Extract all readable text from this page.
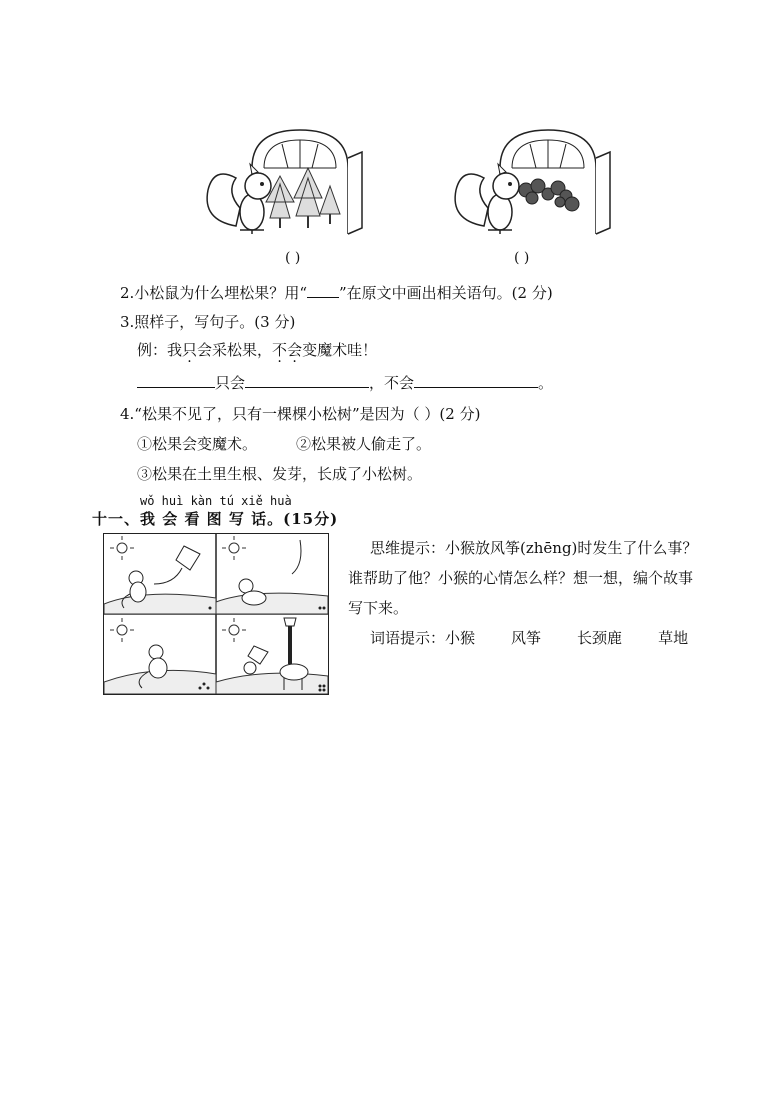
( )	( )
2.小松鼠为什么埋松果？用“ ”在原文中画出相关语句。(2 分)
3.照样子，写句子。(3 分)
例：我只会采松果，不会变魔术哇！
只会	，不会	。
4.“松果不见了，只有一棵棵小松树”是因为（ ）(2 分)
①松果会变魔术。	②松果被人偷走了。
③松果在土里生根、发芽，长成了小松树。
wǒ huì kàn tú xiě huà
十一、我 会 看 图 写 话。(15分)
思维提示：小猴放风筝(zhēng)时发生了什么事？
谁帮助了他？小猴的心情怎么样？想一想，编个故事
写下来。
词语提示：小猴 风筝 长颈鹿 草地
